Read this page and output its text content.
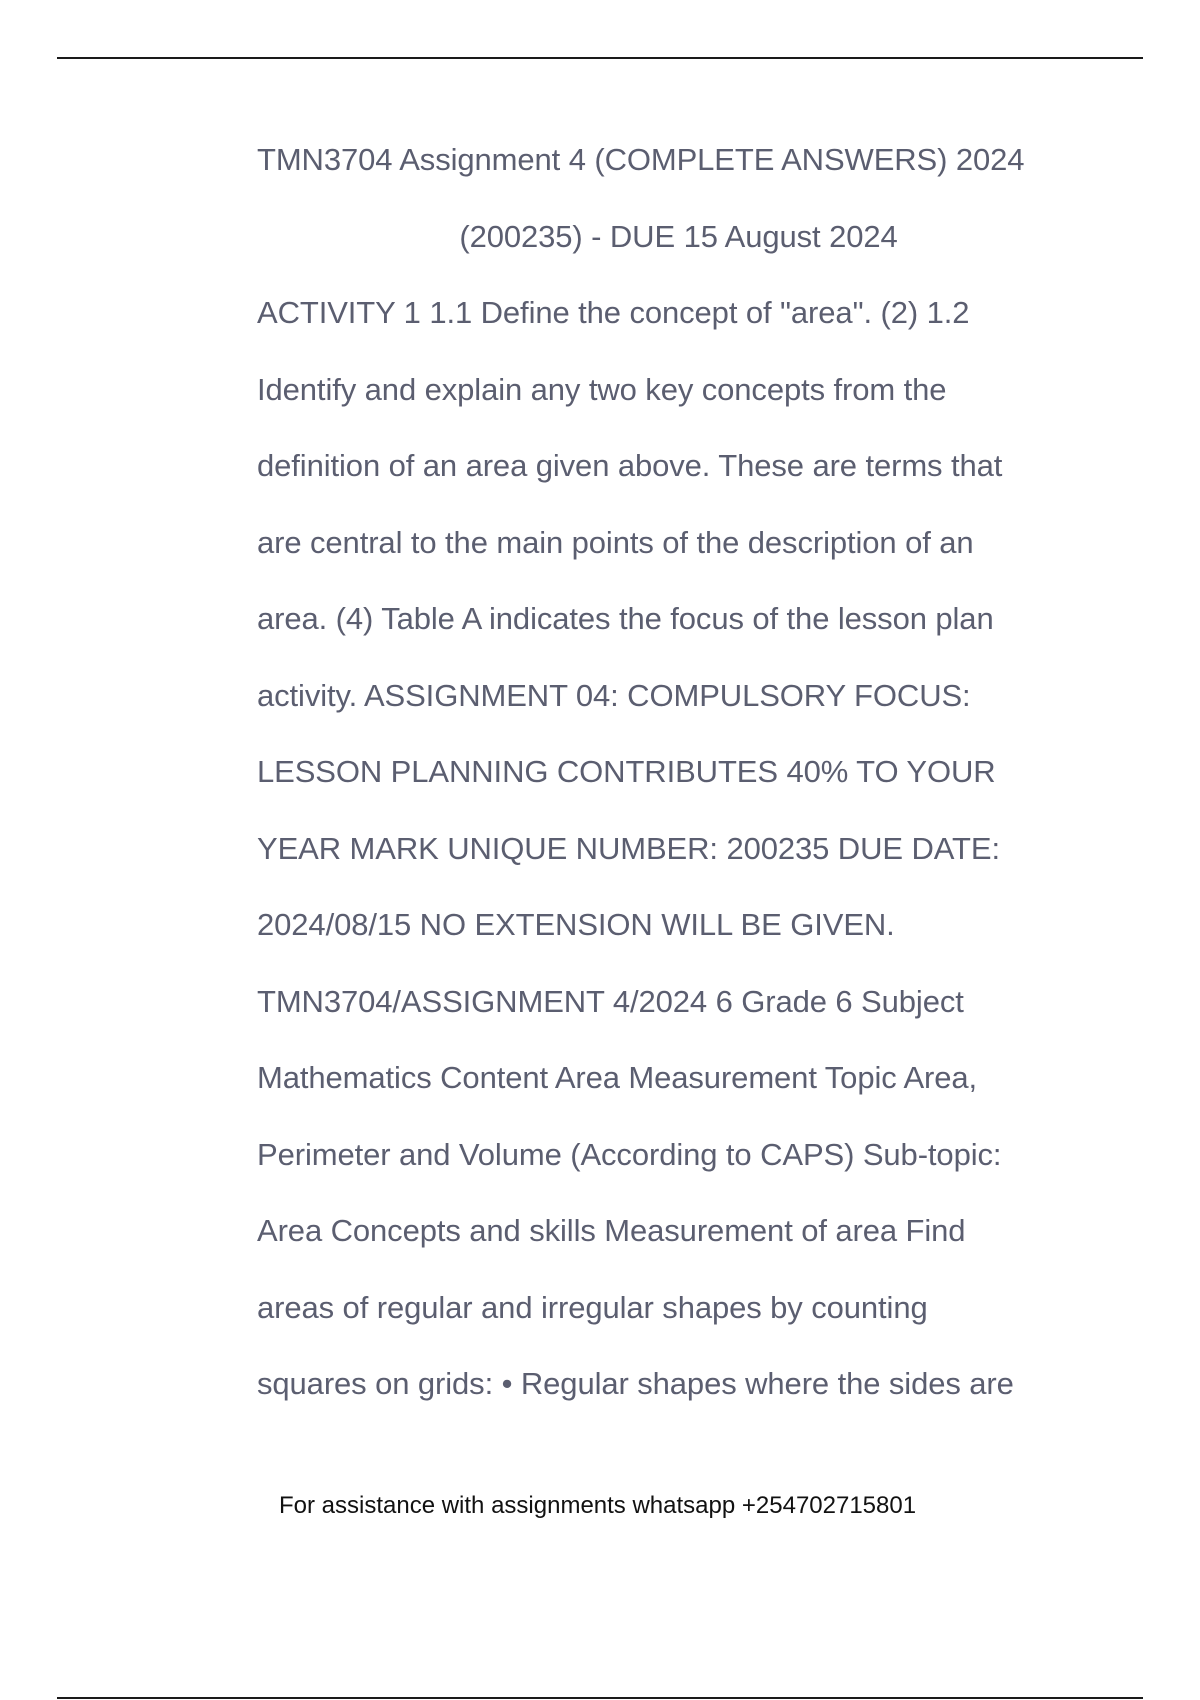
TMN3704 Assignment 4 (COMPLETE ANSWERS) 2024
(200235) - DUE 15 August 2024
ACTIVITY 1 1.1 Define the concept of "area". (2) 1.2
Identify and explain any two key concepts from the
definition of an area given above. These are terms that
are central to the main points of the description of an
area. (4) Table A indicates the focus of the lesson plan
activity. ASSIGNMENT 04: COMPULSORY FOCUS:
LESSON PLANNING CONTRIBUTES 40% TO YOUR
YEAR MARK UNIQUE NUMBER: 200235 DUE DATE:
2024/08/15 NO EXTENSION WILL BE GIVEN.
TMN3704/ASSIGNMENT 4/2024 6 Grade 6 Subject
Mathematics Content Area Measurement Topic Area,
Perimeter and Volume (According to CAPS) Sub-topic:
Area Concepts and skills Measurement of area Find
areas of regular and irregular shapes by counting
squares on grids: • Regular shapes where the sides are
For assistance with assignments whatsapp +254702715801
